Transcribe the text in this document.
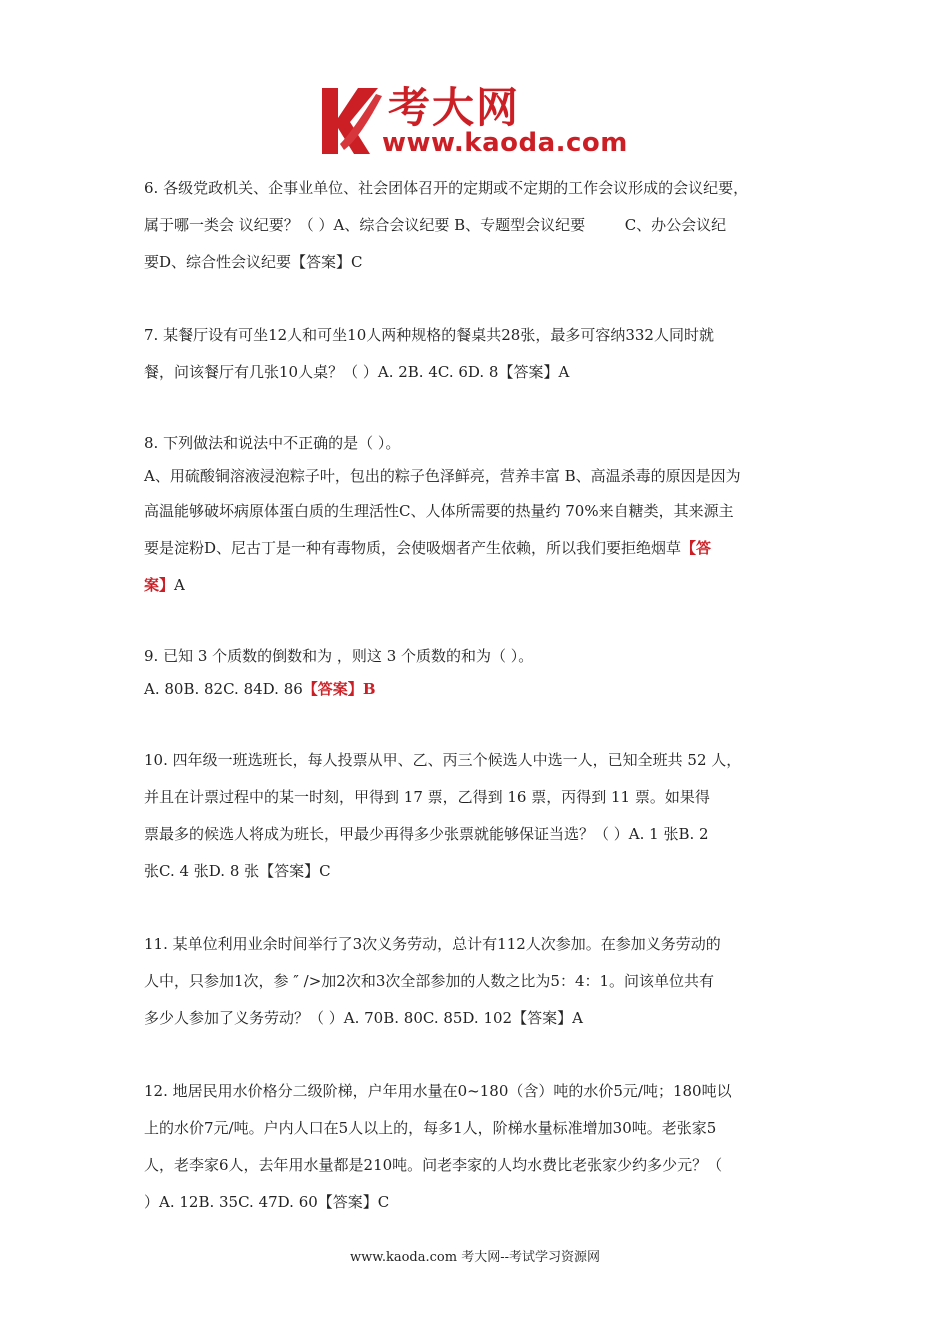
考大网
www.kaoda.com

6. 各级党政机关、企事业单位、社会团体召开的定期或不定期的工作会议形成的会议纪要，

属于哪一类会 议纪要？（ ）A、综合会议纪要 B、专题型会议纪要 　　 C、办公会议纪

要D、综合性会议纪要【答案】C

7. 某餐厅设有可坐12人和可坐10人两种规格的餐桌共28张，最多可容纳332人同时就

餐，问该餐厅有几张10人桌？（ ）A. 2B. 4C. 6D. 8【答案】A

8. 下列做法和说法中不正确的是（ ）。

A、用硫酸铜溶液浸泡粽子叶，包出的粽子色泽鲜亮，营养丰富 B、高温杀毒的原因是因为

高温能够破坏病原体蛋白质的生理活性C、人体所需要的热量约 70%来自糖类，其来源主

要是淀粉D、尼古丁是一种有毒物质，会使吸烟者产生依赖，所以我们要拒绝烟草【答

案】A

9. 已知 3 个质数的倒数和为 ，则这 3 个质数的和为（ ）。

A. 80B. 82C. 84D. 86【答案】B

10. 四年级一班选班长，每人投票从甲、乙、丙三个候选人中选一人，已知全班共 52 人，

并且在计票过程中的某一时刻，甲得到 17 票，乙得到 16 票，丙得到 11 票。如果得

票最多的候选人将成为班长，甲最少再得多少张票就能够保证当选？（ ）A. 1 张B. 2

张C. 4 张D. 8 张【答案】C

11. 某单位利用业余时间举行了3次义务劳动，总计有112人次参加。在参加义务劳动的

人中，只参加1次，参 ″ />加2次和3次全部参加的人数之比为5：4：1。问该单位共有

多少人参加了义务劳动？（ ）A. 70B. 80C. 85D. 102【答案】A

12. 地居民用水价格分二级阶梯，户年用水量在0~180（含）吨的水价5元/吨；180吨以

上的水价7元/吨。户内人口在5人以上的，每多1人，阶梯水量标准增加30吨。老张家5

人，老李家6人，去年用水量都是210吨。问老李家的人均水费比老张家少约多少元？（

）A. 12B. 35C. 47D. 60【答案】C

www.kaoda.com 考大网--考试学习资源网
